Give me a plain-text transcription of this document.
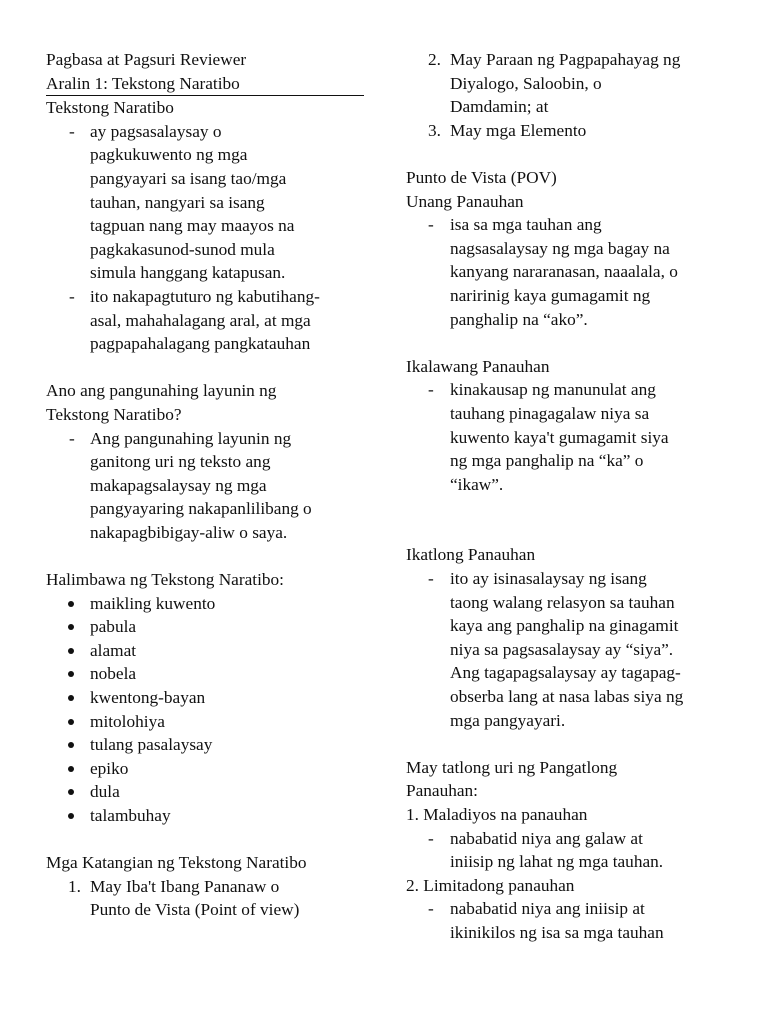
Pagbasa at Pagsuri Reviewer
Aralin 1: Tekstong Naratibo
Tekstong Naratibo
- ay pagsasalaysay o
pagkukuwento ng mga
pangyayari sa isang tao/mga
tauhan, nangyari sa isang
tagpuan nang may maayos na
pagkakasunod-sunod mula
simula hanggang katapusan.
- ito nakapagtuturo ng kabutihang-
asal, mahahalagang aral, at mga
pagpapahalagang pangkatauhan
Ano ang pangunahing layunin ng
Tekstong Naratibo?
- Ang pangunahing layunin ng
ganitong uri ng teksto ang
makapagsalaysay ng mga
pangyayaring nakapanlilibang o
nakapagbibigay-aliw o saya.
Halimbawa ng Tekstong Naratibo:
maikling kuwento
pabula
alamat
nobela
kwentong-bayan
mitolohiya
tulang pasalaysay
epiko
dula
talambuhay
Mga Katangian ng Tekstong Naratibo
1. May Iba't Ibang Pananaw o
Punto de Vista (Point of view)
2. May Paraan ng Pagpapahayag ng
Diyalogo, Saloobin, o
Damdamin; at
3. May mga Elemento
Punto de Vista (POV)
Unang Panauhan
- isa sa mga tauhan ang
nagsasalaysay ng mga bagay na
kanyang nararanasan, naaalala, o
naririnig kaya gumagamit ng
panghalip na “ako”.
Ikalawang Panauhan
- kinakausap ng manunulat ang
tauhang pinagagalaw niya sa
kuwento kaya't gumagamit siya
ng mga panghalip na “ka” o
“ikaw”.
Ikatlong Panauhan
- ito ay isinasalaysay ng isang
taong walang relasyon sa tauhan
kaya ang panghalip na ginagamit
niya sa pagsasalaysay ay “siya”.
Ang tagapagsalaysay ay tagapag-
obserba lang at nasa labas siya ng
mga pangyayari.
May tatlong uri ng Pangatlong
Panauhan:
1. Maladiyos na panauhan
- nababatid niya ang galaw at
iniisip ng lahat ng mga tauhan.
2. Limitadong panauhan
- nababatid niya ang iniisip at
ikinikilos ng isa sa mga tauhan
